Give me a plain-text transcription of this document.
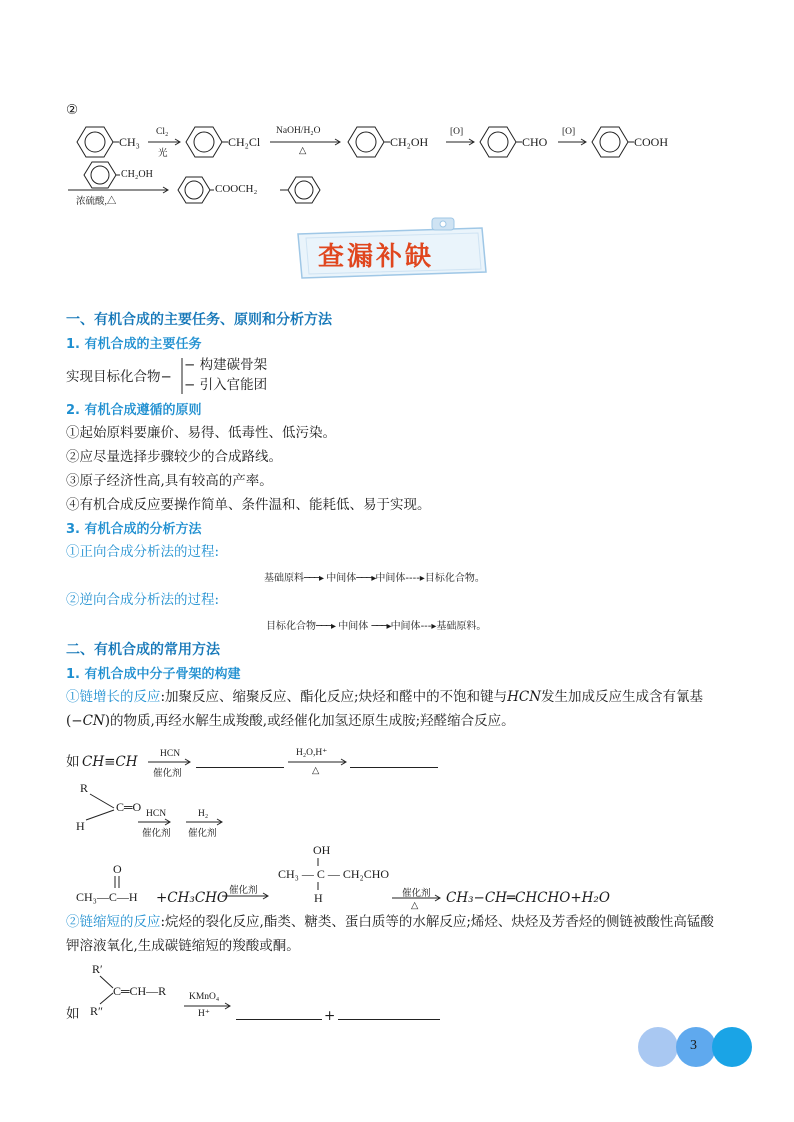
②
CH₃
Cl₂
光
CH₂Cl
NaOH/H₂O
△
CH₂OH
[O]
CHO
[O]
COOH
CH₂OH
浓硫酸,△
COOCH₂
查漏补缺
一、有机合成的主要任务、原则和分析方法
1. 有机合成的主要任务
实现目标化合物−
− 构建碳骨架
− 引入官能团
2. 有机合成遵循的原则
①起始原料要廉价、易得、低毒性、低污染。
②应尽量选择步骤较少的合成路线。
③原子经济性高,具有较高的产率。
④有机合成反应要操作简单、条件温和、能耗低、易于实现。
3. 有机合成的分析方法
①正向合成分析法的过程:
基础原料───▸ 中间体───▸中间体----▸目标化合物。
②逆向合成分析法的过程:
目标化合物───▸ 中间体 ───▸中间体---▸基础原料。
二、有机合成的常用方法
1. 有机合成中分子骨架的构建
①链增长的反应:加聚反应、缩聚反应、酯化反应;炔烃和醛中的不饱和键与HCN发生加成反应生成含有氰基
(−CN)的物质,再经水解生成羧酸,或经催化加氢还原生成胺;羟醛缩合反应。
如 CH≡CH HCN
催化剂
H₂O,H⁺
△
R
C═O
H
HCN
催化剂
H₂
催化剂
O
CH₃—C—H +CH₃CHO 催化剂
OH
CH₃ — C — CH₂CHO
H	催化剂
△ CH₃−CH═CHCHO+H₂O
②链缩短的反应:烷烃的裂化反应,酯类、糖类、蛋白质等的水解反应;烯烃、炔烃及芳香烃的侧链被酸性高锰酸
钾溶液氧化,生成碳链缩短的羧酸或酮。
R′
C═CH—R
如 R″
KMnO₄
H⁺	+
3
